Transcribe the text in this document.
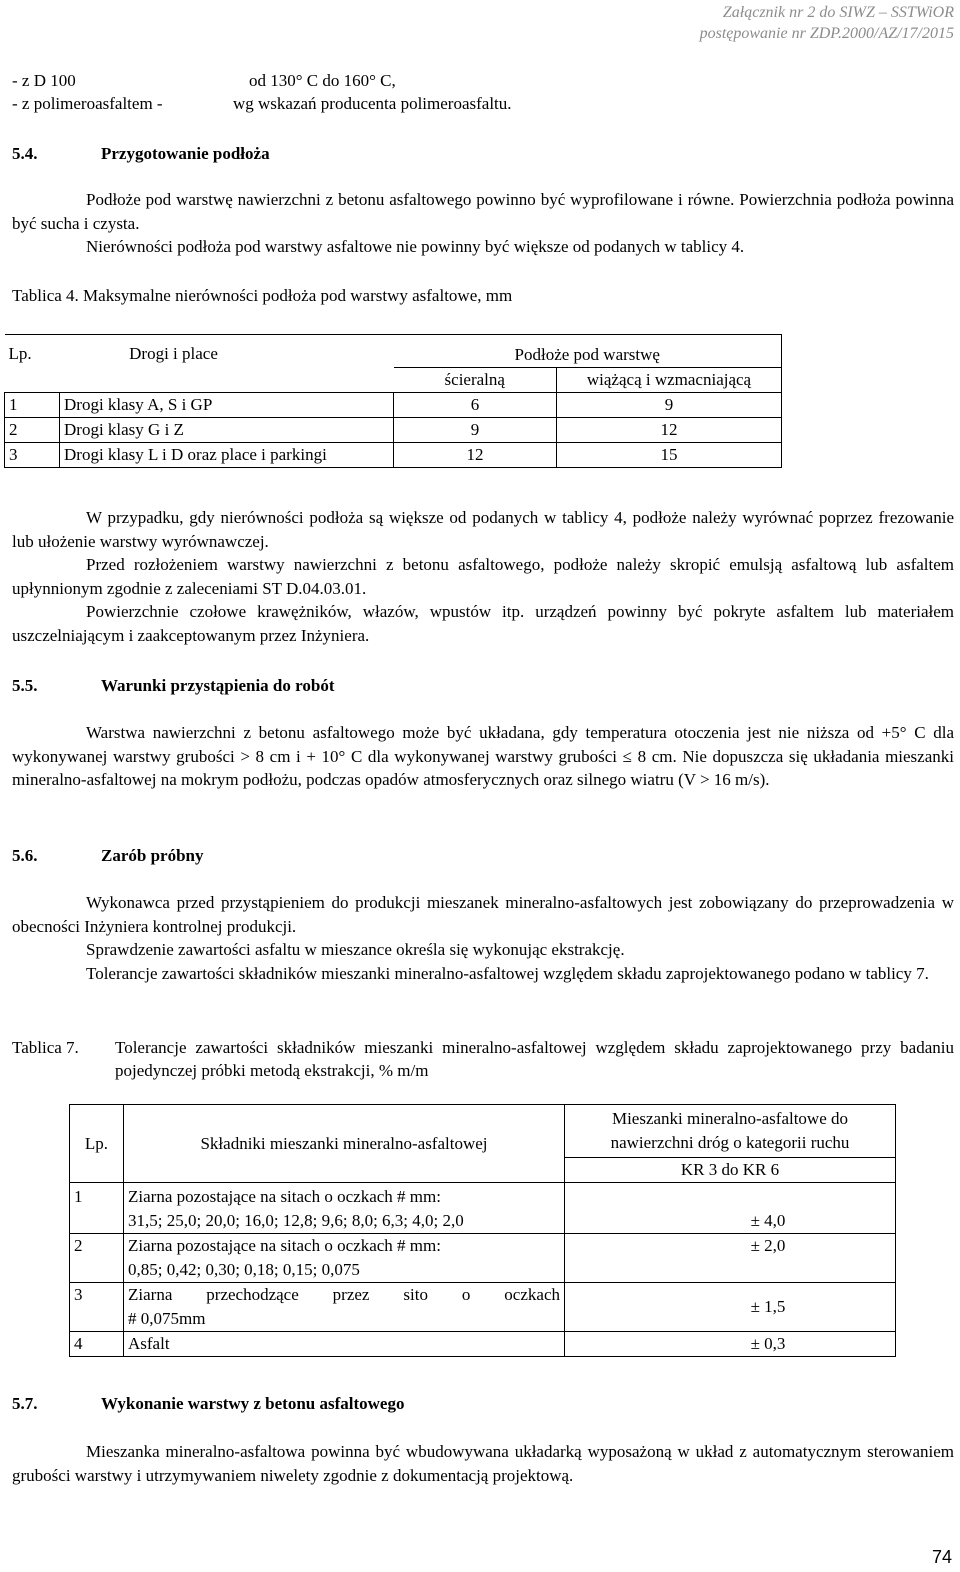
Załącznik nr 2 do SIWZ – SSTWiOR
postępowanie nr ZDP.2000/AZ/17/2015
- z D 100	od 130° C do 160° C,
- z polimeroasfaltem -	wg wskazań producenta polimeroasfaltu.
5.4.	Przygotowanie podłoża

Podłoże pod warstwę nawierzchni z betonu asfaltowego powinno być wyprofilowane i równe. Powierzchnia podłoża powinna być sucha i czysta.

Nierówności podłoża pod warstwy asfaltowe nie powinny być większe od podanych w tablicy 4.

Tablica 4. Maksymalne nierówności podłoża pod warstwy asfaltowe, mm
Lp.	Drogi i place	Podłoże pod warstwę	
		ścieralną	wiążącą i wzmacniającą
1	Drogi klasy A, S i GP	6	9
2	Drogi klasy G i Z	9	12
3	Drogi klasy L i D oraz place i parkingi	12	15

W przypadku, gdy nierówności podłoża są większe od podanych w tablicy 4, podłoże należy wyrównać poprzez frezowanie lub ułożenie warstwy wyrównawczej.

Przed rozłożeniem warstwy nawierzchni z betonu asfaltowego, podłoże należy skropić emulsją asfaltową lub asfaltem upłynnionym zgodnie z zaleceniami ST D.04.03.01.

Powierzchnie czołowe krawężników, włazów, wpustów itp. urządzeń powinny być pokryte asfaltem lub materiałem uszczelniającym i zaakceptowanym przez Inżyniera.

5.5.	Warunki przystąpienia do robót

Warstwa nawierzchni z betonu asfaltowego może być układana, gdy temperatura otoczenia jest nie niższa od +5° C dla wykonywanej warstwy grubości > 8 cm i + 10° C dla wykonywanej warstwy grubości ≤ 8 cm. Nie dopuszcza się układania mieszanki mineralno-asfaltowej na mokrym podłożu, podczas opadów atmosferycznych oraz silnego wiatru (V > 16 m/s).

5.6.	Zarób próbny

Wykonawca przed przystąpieniem do produkcji mieszanek mineralno-asfaltowych jest zobowiązany do przeprowadzenia w obecności Inżyniera kontrolnej produkcji.

Sprawdzenie zawartości asfaltu w mieszance określa się wykonując ekstrakcję.

Tolerancje zawartości składników mieszanki mineralno-asfaltowej względem składu zaprojektowanego podano w tablicy 7.

Tablica 7. Tolerancje zawartości składników mieszanki mineralno-asfaltowej względem składu zaprojektowanego przy badaniu pojedynczej próbki metodą ekstrakcji, % m/m
Lp.	Składniki mieszanki mineralno-asfaltowej	Mieszanki mineralno-asfaltowe do nawierzchni dróg o kategorii ruchu
		KR 3 do KR 6
1	Ziarna pozostające na sitach o oczkach # mm:
31,5; 25,0; 20,0; 16,0; 12,8; 9,6; 8,0; 6,3; 4,0; 2,0	± 4,0
2	Ziarna pozostające na sitach o oczkach # mm:
0,85; 0,42; 0,30; 0,18; 0,15; 0,075	± 2,0
3	Ziarna przechodzące przez sito o oczkach
# 0,075mm	± 1,5
4	Asfalt	± 0,3
5.7.	Wykonanie warstwy z betonu asfaltowego

Mieszanka mineralno-asfaltowa powinna być wbudowywana układarką wyposażoną w układ z automatycznym sterowaniem grubości warstwy i utrzymywaniem niwelety zgodnie z dokumentacją projektową.

74
